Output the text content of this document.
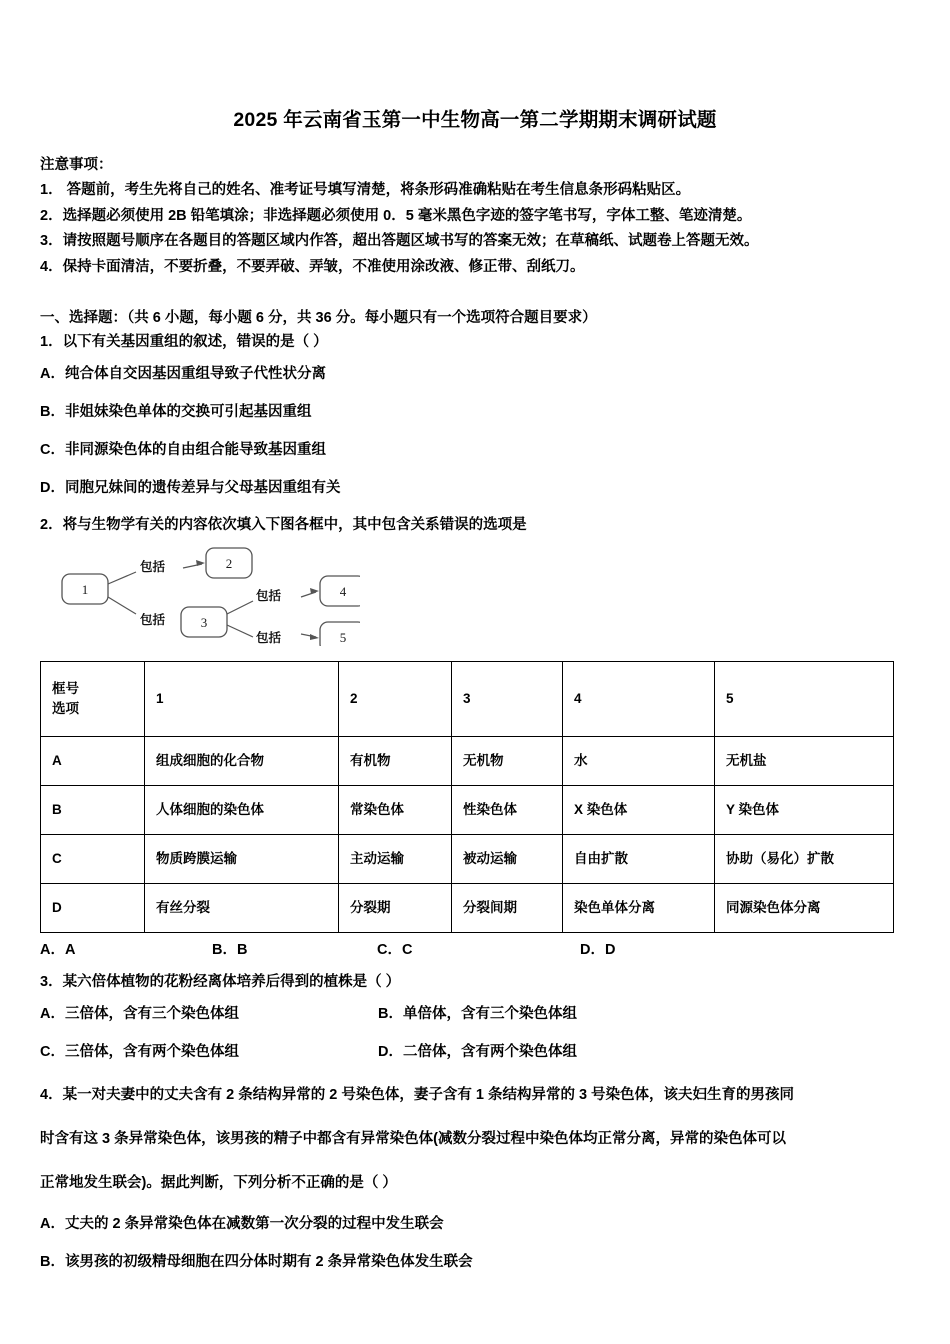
2025 年云南省玉第一中生物高一第二学期期末调研试题
注意事项：
1． 答题前，考生先将自己的姓名、准考证号填写清楚，将条形码准确粘贴在考生信息条形码粘贴区。
2．选择题必须使用 2B 铅笔填涂；非选择题必须使用 0．5 毫米黑色字迹的签字笔书写，字体工整、笔迹清楚。
3．请按照题号顺序在各题目的答题区域内作答，超出答题区域书写的答案无效；在草稿纸、试题卷上答题无效。
4．保持卡面清洁，不要折叠，不要弄破、弄皱，不准使用涂改液、修正带、刮纸刀。
一、选择题：（共 6 小题，每小题 6 分，共 36 分。每小题只有一个选项符合题目要求）
1．以下有关基因重组的叙述，错误的是（ ）
A．纯合体自交因基因重组导致子代性状分离
B．非姐妹染色单体的交换可引起基因重组
C．非同源染色体的自由组合能导致基因重组
D．同胞兄妹间的遗传差异与父母基因重组有关
2．将与生物学有关的内容依次填入下图各框中，其中包含关系错误的选项是
1
2
3
4
5
包括
包括
包括
包括
框号
选项	1	2	3	4	5
A	组成细胞的化合物	有机物	无机物	水	无机盐
B	人体细胞的染色体	常染色体	性染色体	X 染色体	Y 染色体
C	物质跨膜运输	主动运输	被动运输	自由扩散	协助（易化）扩散
D	有丝分裂	分裂期	分裂间期	染色单体分离	同源染色体分离
A．A	B．B	C．C	D．D
3．某六倍体植物的花粉经离体培养后得到的植株是（ ）
A．三倍体，含有三个染色体组	B．单倍体，含有三个染色体组
C．三倍体，含有两个染色体组	D．二倍体，含有两个染色体组
4．某一对夫妻中的丈夫含有 2 条结构异常的 2 号染色体，妻子含有 1 条结构异常的 3 号染色体，该夫妇生育的男孩同
时含有这 3 条异常染色体，该男孩的精子中都含有异常染色体(减数分裂过程中染色体均正常分离，异常的染色体可以
正常地发生联会)。据此判断，下列分析不正确的是（ ）
A．丈夫的 2 条异常染色体在减数第一次分裂的过程中发生联会
B．该男孩的初级精母细胞在四分体时期有 2 条异常染色体发生联会
